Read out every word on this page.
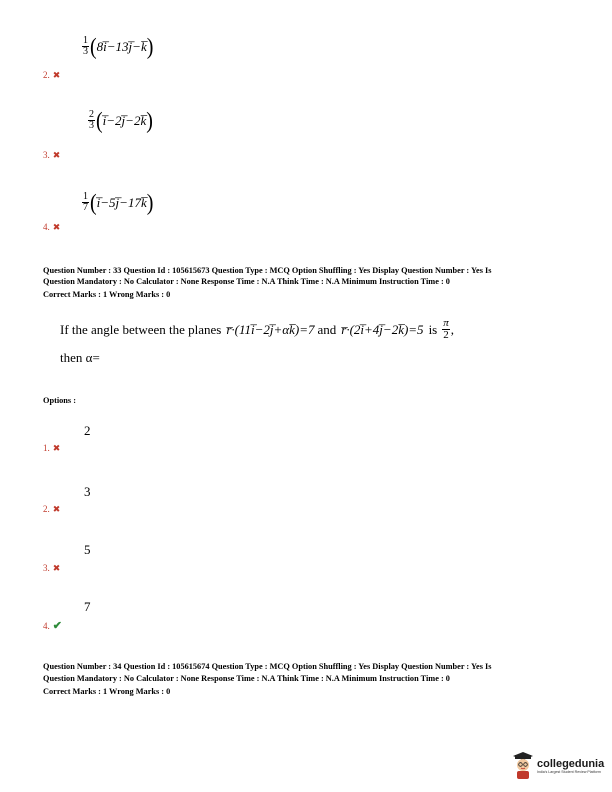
$\frac{1}{3}$ ( 8i̅−13j̅−k̅ )
2. ✖
$\frac{2}{3}$ ( i̅−2j̅−2k̅ )
3. ✖
$\frac{1}{7}$ ( i̅−5j̅−17k̅ )
4. ✖
Question Number : 33 Question Id : 105615673 Question Type : MCQ Option Shuffling : Yes Display Question Number : Yes Is
Question Mandatory : No Calculator : None Response Time : N.A Think Time : N.A Minimum Instruction Time : 0
Correct Marks : 1 Wrong Marks : 0
If the angle between the planes r̅·(11i̅−2j̅+αk̅)=7 and r̅·(2i̅+4j̅−2k̅)=5 is $\frac{\pi}{2}$ ,
then α=
Options :
2
1. ✖
3
2. ✖
5
3. ✖
7
4. ✔
Question Number : 34 Question Id : 105615674 Question Type : MCQ Option Shuffling : Yes Display Question Number : Yes Is
Question Mandatory : No Calculator : None Response Time : N.A Think Time : N.A Minimum Instruction Time : 0
Correct Marks : 1 Wrong Marks : 0
collegedunia
India's Largest Student Review Platform
